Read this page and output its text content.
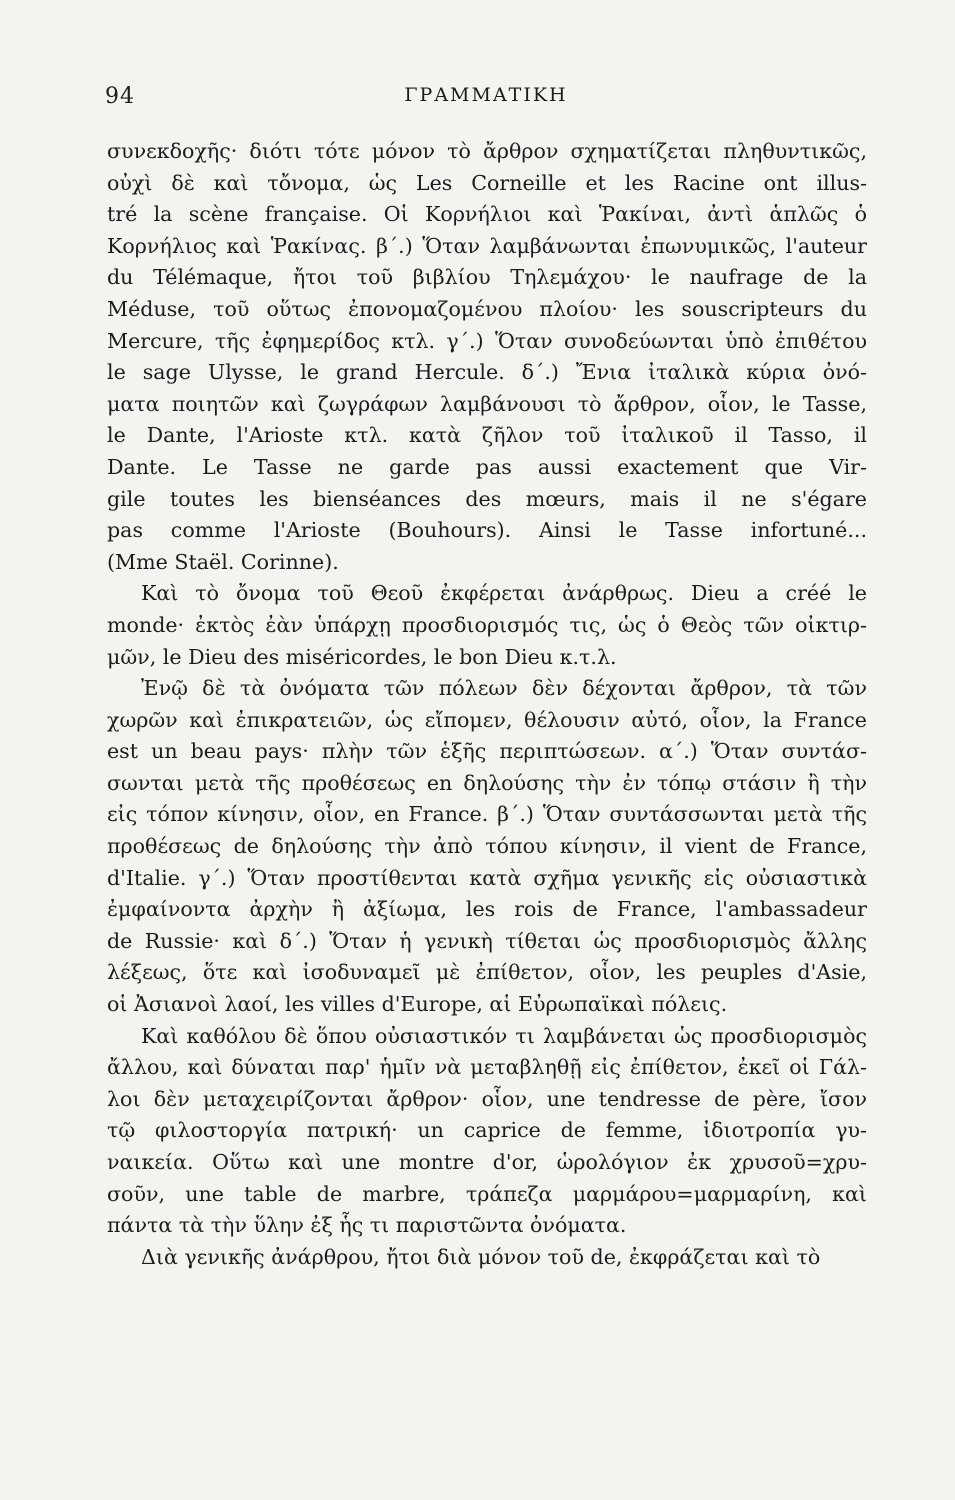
94	ΓΡΑΜΜΑΤΙΚΗ

συνεκδοχῆς· διότι τότε μόνον τὸ ἄρθρον σχηματίζεται πληθυντικῶς,

οὐχὶ δὲ καὶ τὄνομα, ὡς Les Corneille et les Racine ont illus-

tré la scène française. Οἱ Κορνήλιοι καὶ Ῥακίναι, ἀντὶ ἁπλῶς ὁ

Κορνήλιος καὶ Ῥακίνας. β΄.) Ὅταν λαμβάνωνται ἐπωνυμικῶς, l'auteur

du Télémaque, ἤτοι τοῦ βιβλίου Τηλεμάχου· le naufrage de la

Méduse, τοῦ οὕτως ἐπονομαζομένου πλοίου· les souscripteurs du

Mercure, τῆς ἐφημερίδος κτλ. γ΄.) Ὅταν συνοδεύωνται ὑπὸ ἐπιθέτου

le sage Ulysse, le grand Hercule. δ΄.) Ἔνια ἰταλικὰ κύρια ὀνό-

ματα ποιητῶν καὶ ζωγράφων λαμβάνουσι τὸ ἄρθρον, οἷον, le Tasse,

le Dante, l'Arioste κτλ. κατὰ ζῆλον τοῦ ἰταλικοῦ il Tasso, il

Dante. Le Tasse ne garde pas aussi exactement que Vir-

gile toutes les bienséances des mœurs, mais il ne s'égare

pas comme l'Arioste (Bouhours). Ainsi le Tasse infortuné...

(Mme Staël. Corinne).

Καὶ τὸ ὄνομα τοῦ Θεοῦ ἐκφέρεται ἀνάρθρως. Dieu a créé le

monde· ἐκτὸς ἐὰν ὑπάρχῃ προσδιορισμός τις, ὡς ὁ Θεὸς τῶν οἰκτιρ-

μῶν, le Dieu des miséricordes, le bon Dieu κ.τ.λ.

Ἐνῷ δὲ τὰ ὀνόματα τῶν πόλεων δὲν δέχονται ἄρθρον, τὰ τῶν

χωρῶν καὶ ἐπικρατειῶν, ὡς εἴπομεν, θέλουσιν αὐτό, οἷον, la France

est un beau pays· πλὴν τῶν ἑξῆς περιπτώσεων. α΄.) Ὅταν συντάσ-

σωνται μετὰ τῆς προθέσεως en δηλούσης τὴν ἐν τόπῳ στάσιν ἢ τὴν

εἰς τόπον κίνησιν, οἷον, en France. β΄.) Ὅταν συντάσσωνται μετὰ τῆς

προθέσεως de δηλούσης τὴν ἀπὸ τόπου κίνησιν, il vient de France,

d'Italie. γ΄.) Ὅταν προστίθενται κατὰ σχῆμα γενικῆς εἰς οὐσιαστικὰ

ἐμφαίνοντα ἀρχὴν ἢ ἀξίωμα, les rois de France, l'ambassadeur

de Russie· καὶ δ΄.) Ὅταν ἡ γενικὴ τίθεται ὡς προσδιορισμὸς ἄλλης

λέξεως, ὅτε καὶ ἰσοδυναμεῖ μὲ ἐπίθετον, οἷον, les peuples d'Asie,

οἱ Ἀσιανοὶ λαοί, les villes d'Europe, αἱ Εὐρωπαϊκαὶ πόλεις.

Καὶ καθόλου δὲ ὅπου οὐσιαστικόν τι λαμβάνεται ὡς προσδιορισμὸς

ἄλλου, καὶ δύναται παρ' ἡμῖν νὰ μεταβληθῇ εἰς ἐπίθετον, ἐκεῖ οἱ Γάλ-

λοι δὲν μεταχειρίζονται ἄρθρον· οἷον, une tendresse de père, ἴσον

τῷ φιλοστοργία πατρική· un caprice de femme, ἰδιοτροπία γυ-

ναικεία. Οὕτω καὶ une montre d'or, ὡρολόγιον ἐκ χρυσοῦ=χρυ-

σοῦν, une table de marbre, τράπεζα μαρμάρου=μαρμαρίνη, καὶ

πάντα τὰ τὴν ὕλην ἐξ ἧς τι παριστῶντα ὀνόματα.

Διὰ γενικῆς ἀνάρθρου, ἤτοι διὰ μόνον τοῦ de, ἐκφράζεται καὶ τὸ
